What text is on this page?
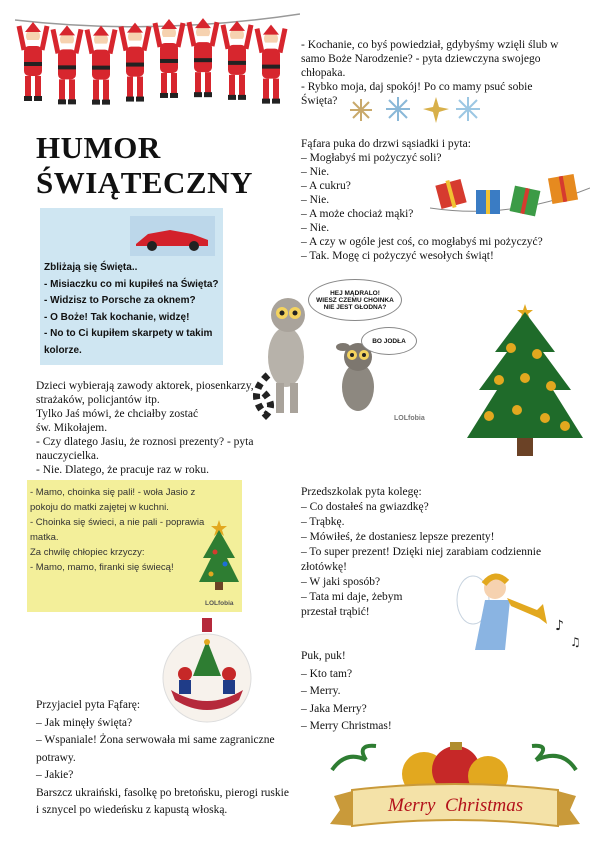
- Kochanie, co byś powiedział, gdybyśmy wzięli ślub w samo Boże Narodzenie? - pyta dziewczyna swojego chłopaka.
- Rybko moja, daj spokój! Po co mamy psuć sobie Święta?
HUMOR
ŚWIĄTECZNY
Fąfara puka do drzwi sąsiadki i pyta:
– Mogłabyś mi pożyczyć soli?
– Nie.
– A cukru?
– Nie.
– A może chociaż mąki?
– Nie.
– A czy w ogóle jest coś, co mogłabyś mi pożyczyć?
– Tak. Mogę ci pożyczyć wesołych świąt!
Zbliżają się Święta..
- Misiaczku co mi kupiłeś na Święta?
- Widzisz to Porsche za oknem?
- O Boże! Tak kochanie, widzę!
- No to Ci kupiłem skarpety w takim kolorze.
HEJ MĄDRALO!
WIESZ CZEMU CHOINKA
NIE JEST GŁODNA?
BO JODŁA
LOLfobia
Dzieci wybierają zawody aktorek, piosenkarzy, strażaków, policjantów itp.
Tylko Jaś mówi, że chciałby zostać
św. Mikołajem.
- Czy dlatego Jasiu, że roznosi prezenty? - pyta nauczycielka.
- Nie. Dlatego, że pracuje raz w roku.
- Mamo, choinka się pali! - woła Jasio z pokoju do matki zajętej w kuchni.
- Choinka się świeci, a nie pali - poprawia matka.
Za chwilę chłopiec krzyczy:
- Mamo, mamo, firanki się świecą!
LOLfobia
Przedszkolak pyta kolegę:
– Co dostałeś na gwiazdkę?
– Trąbkę.
– Mówiłeś, że dostaniesz lepsze prezenty!
– To super prezent! Dzięki niej zarabiam codziennie złotówkę!
– W jaki sposób?
– Tata mi daje, żebym
przestał trąbić!
♪
♫
Puk, puk!
– Kto tam?
– Merry.
– Jaka Merry?
– Merry Christmas!
Przyjaciel pyta Fąfarę:
– Jak minęły święta?
– Wspaniale! Żona serwowała mi same zagraniczne potrawy.
– Jakie?
Barszcz ukraiński, fasolkę po bretońsku, pierogi ruskie i sznycel po wiedeńsku z kapustą włoską.	Merry  Christmas
